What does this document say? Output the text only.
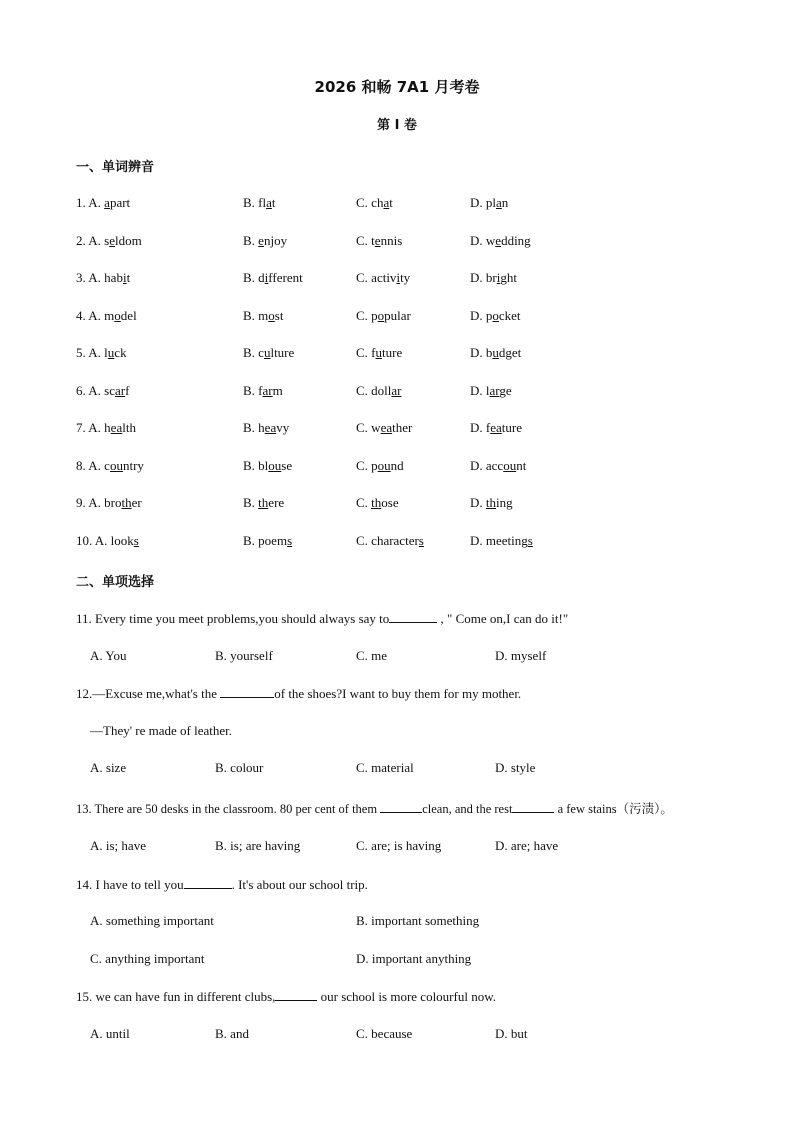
2026 和畅 7A1 月考卷
第 I 卷
一、单词辨音
1. A. apart	B. flat	C. chat	D. plan
2. A. seldom	B. enjoy	C. tennis	D. wedding
3. A. habit	B. different	C. activity	D. bright
4. A. model	B. most	C. popular	D. pocket
5. A. luck	B. culture	C. future	D. budget
6. A. scarf	B. farm	C. dollar	D. large
7. A. health	B. heavy	C. weather	D. feature
8. A. country	B. blouse	C. pound	D. account
9. A. brother	B. there	C. those	D. thing
10. A. looks	B. poems	C. characters	D. meetings
二、单项选择
11. Every time you meet problems,you should always say to	, " Come on,I can do it!"
A. You	B. yourself	C. me	D. myself
12.—Excuse me,what's the	of the shoes?I want to buy them for my mother.
—They' re made of leather.
A. size	B. colour	C. material	D. style
13. There are 50 desks in the classroom. 80 per cent of them	clean, and the rest	a few stains（污渍）。
A. is; have	B. is; are having	C. are; is having	D. are; have
14. I have to tell you	. It's about our school trip.
A. something important	B. important something
C. anything important	D. important anything
15. we can have fun in different clubs,	our school is more colourful now.
A. until	B. and	C. because	D. but
